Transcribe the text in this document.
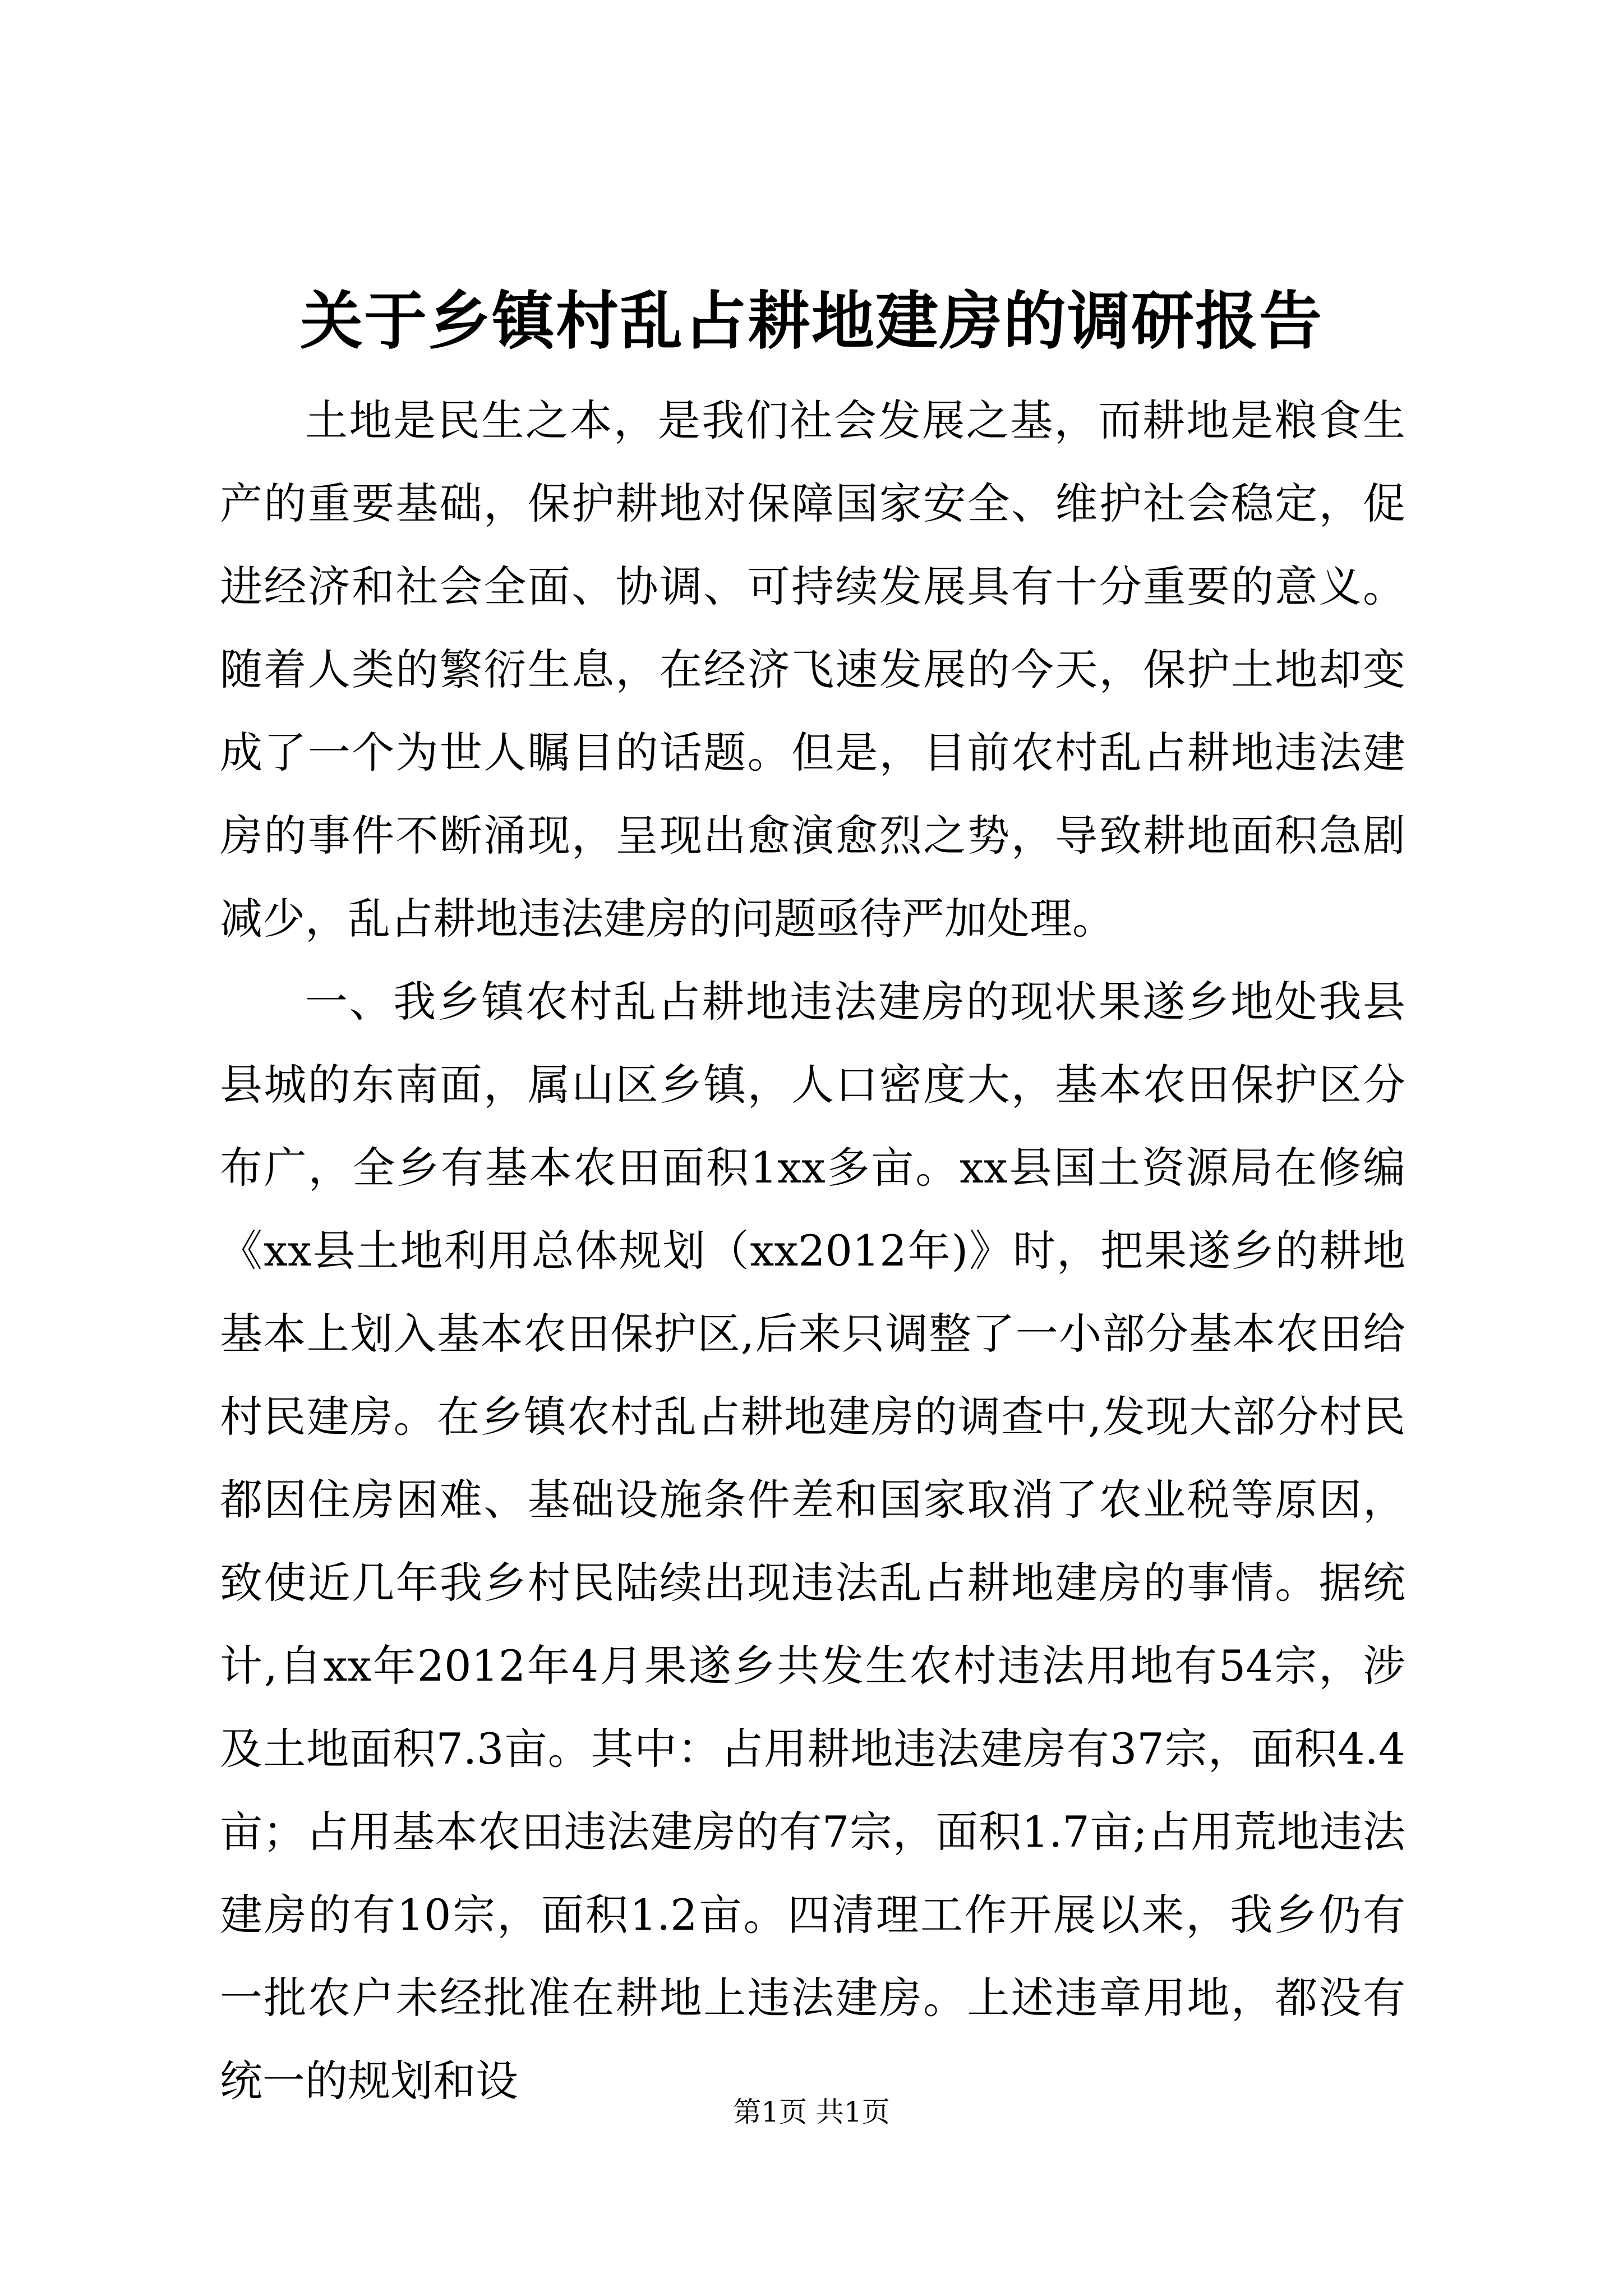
关于乡镇村乱占耕地建房的调研报告

土地是民生之本，是我们社会发展之基，而耕地是粮食生产的重要基础，保护耕地对保障国家安全、维护社会稳定，促进经济和社会全面、协调、可持续发展具有十分重要的意义。随着人类的繁衍生息，在经济飞速发展的今天，保护土地却变成了一个为世人瞩目的话题。但是，目前农村乱占耕地违法建房的事件不断涌现，呈现出愈演愈烈之势，导致耕地面积急剧减少，乱占耕地违法建房的问题亟待严加处理。

一、我乡镇农村乱占耕地违法建房的现状果遂乡地处我县县城的东南面，属山区乡镇，人口密度大，基本农田保护区分布广，全乡有基本农田面积1xx多亩。xx县国土资源局在修编《xx县土地利用总体规划（xx2012年)》时，把果遂乡的耕地基本上划入基本农田保护区,后来只调整了一小部分基本农田给村民建房。在乡镇农村乱占耕地建房的调查中,发现大部分村民都因住房困难、基础设施条件差和国家取消了农业税等原因，致使近几年我乡村民陆续出现违法乱占耕地建房的事情。据统计,自xx年2012年4月果遂乡共发生农村违法用地有54宗，涉及土地面积7.3亩。其中：占用耕地违法建房有37宗，面积4.4亩；占用基本农田违法建房的有7宗，面积1.7亩;占用荒地违法建房的有10宗，面积1.2亩。四清理工作开展以来，我乡仍有一批农户未经批准在耕地上违法建房。上述违章用地，都没有统一的规划和设

第1页 共1页
